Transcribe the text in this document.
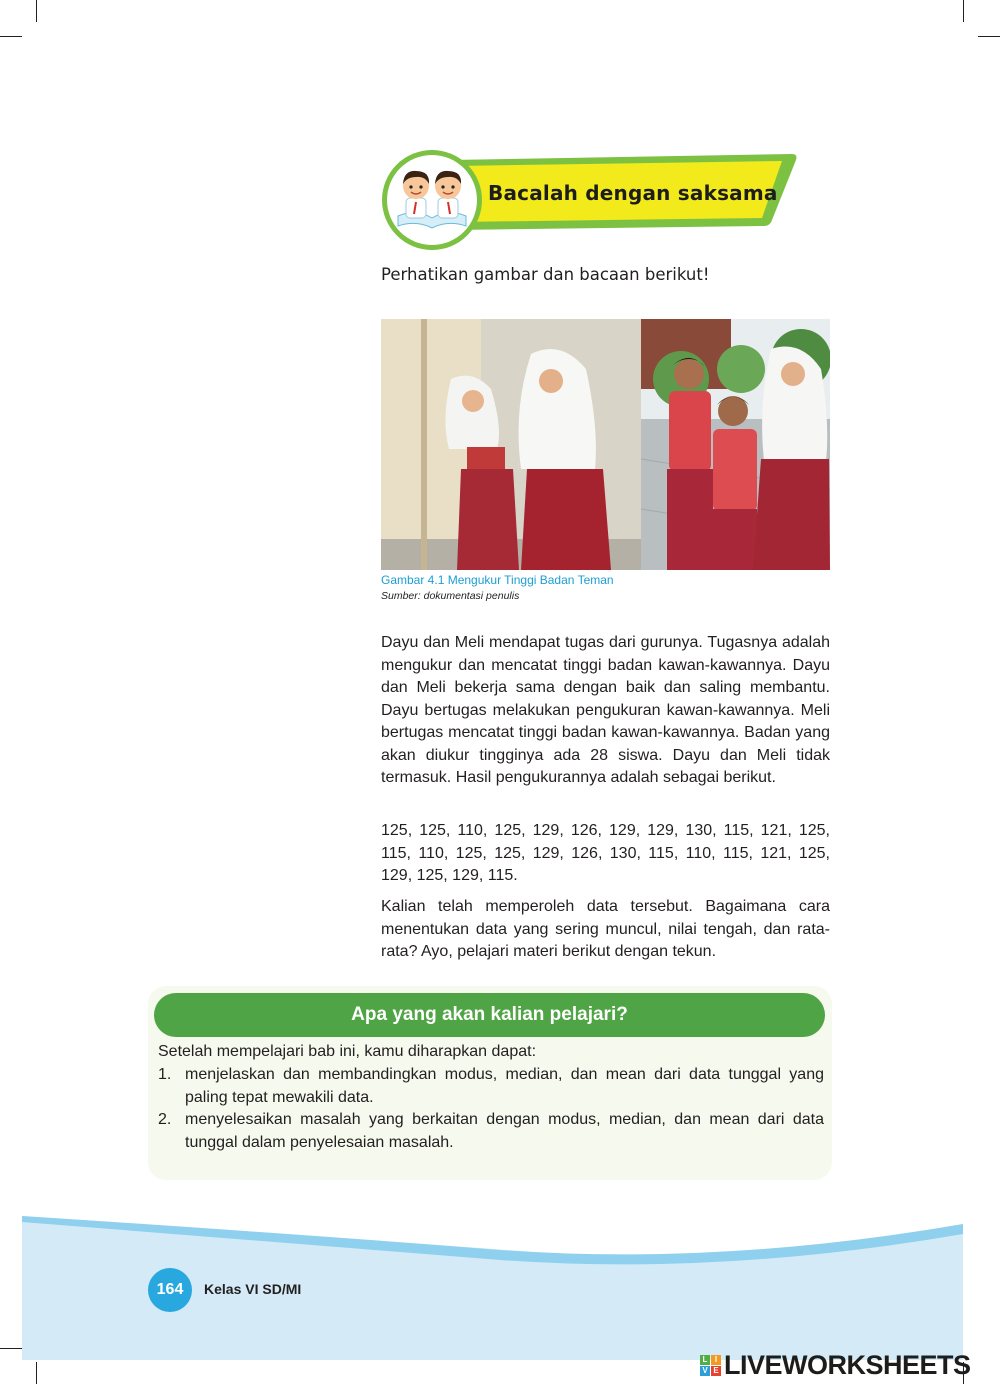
Bacalah dengan saksama
Perhatikan gambar dan bacaan berikut!
Gambar 4.1 Mengukur Tinggi Badan Teman
Sumber: dokumentasi penulis
Dayu dan Meli mendapat tugas dari gurunya. Tugasnya adalah mengukur dan mencatat tinggi badan kawan-kawannya. Dayu dan Meli bekerja sama dengan baik dan saling membantu. Dayu bertugas melakukan pengukuran kawan-kawannya. Meli bertugas mencatat tinggi badan kawan-kawannya. Badan yang akan diukur tingginya ada 28 siswa. Dayu dan Meli tidak termasuk. Hasil pengukurannya adalah sebagai berikut.
125, 125, 110, 125, 129, 126, 129, 129, 130, 115, 121, 125, 115, 110, 125, 125, 129, 126, 130, 115, 110, 115, 121, 125, 129, 125, 129, 115.
Kalian telah memperoleh data tersebut. Bagaimana cara menentukan data yang sering muncul, nilai tengah, dan rata-rata? Ayo, pelajari materi berikut dengan tekun.
Apa yang akan kalian pelajari?
Setelah mempelajari bab ini, kamu diharapkan dapat:
1. menjelaskan dan membandingkan modus, median, dan mean dari data tunggal yang paling tepat mewakili data.
2. menyelesaikan masalah yang berkaitan dengan modus, median, dan mean dari data tunggal dalam penyelesaian masalah.
164	Kelas VI SD/MI
L I
V E LIVEWORKSHEETS
